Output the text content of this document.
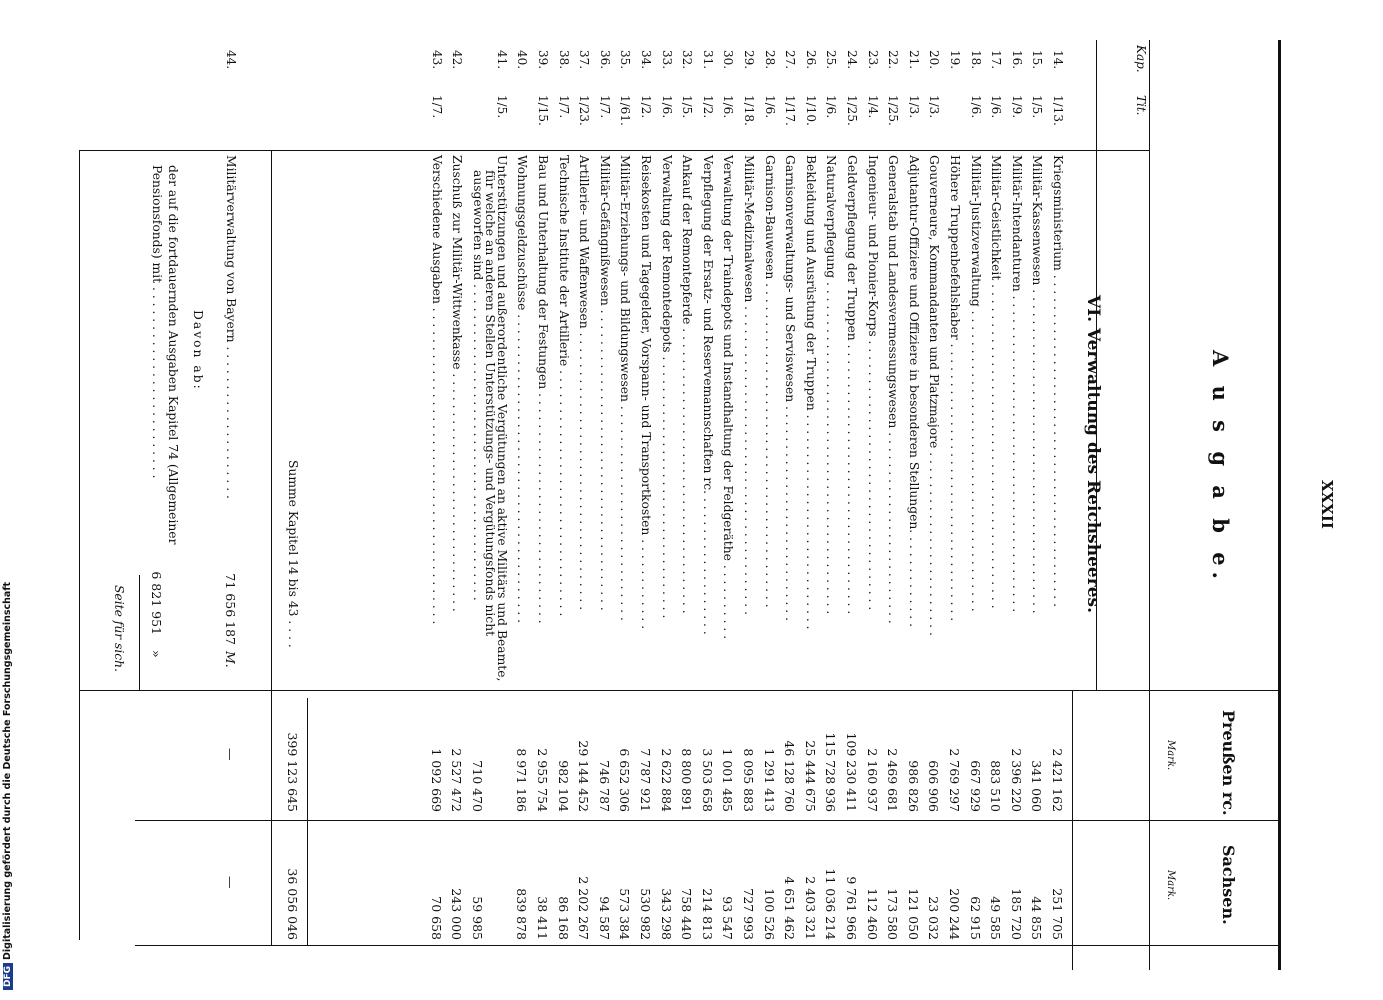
DFGDigitalisierung gefördert durch die Deutsche Forschungsgemeinschaft
Kap.
Tit.
A u s g a b e.	XXXII
Preußen rc.
Sachsen.
Mark.
Mark.
VI. Verwaltung des Reichsheeres.
14.
1/13.
Kriegsministerium . . . . . . . . . . . . . . . . . . . . . . . . . . . . . . . . . . . . . . . . . . .
2 421 162
251 705
15.
1/5.
Militär-Kassenwesen . . . . . . . . . . . . . . . . . . . . . . . . . . . . . . . . . . . . . . . . . .
341 060
44 855
16.
1/9.
Militär-Intendanturen . . . . . . . . . . . . . . . . . . . . . . . . . . . . . . . . . . . . . . . . .
2 396 220
185 720
17.
1/6.
Militär-Geistlichkeit . . . . . . . . . . . . . . . . . . . . . . . . . . . . . . . . . . . . . . . . . .
883 510
49 585
18.
1/6.
Militär-Justizverwaltung . . . . . . . . . . . . . . . . . . . . . . . . . . . . . . . . . . . . . . .
667 929
62 915
19.
Höhere Truppenbefehlshaber . . . . . . . . . . . . . . . . . . . . . . . . . . . . . . . . . . . .
2 769 297
200 244
20.
1/3.
Gouverneure, Kommandanten und Platzmajore . . . . . . . . . . . . . . . . . . . . . . . .
606 906
23 032
21.
1/3.
Adjutantur-Offiziere und Offiziere in besonderen Stellungen. . . . . . . . . . . . .
986 826
121 050
22.
1/25.
Generalstab und Landesvermessungswesen . . . . . . . . . . . . . . . . . . . . . . . . .
2 469 681
173 580
23.
1/4.
Ingenieur- und Pionier-Korps . . . . . . . . . . . . . . . . . . . . . . . . . . . . . . . . . . .
2 160 937
112 460
24.
1/25.
Geldverpflegung der Truppen . . . . . . . . . . . . . . . . . . . . . . . . . . . . . . . . . . .
109 230 411
9 761 966
25.
1/6.
Naturalverpflegung . . . . . . . . . . . . . . . . . . . . . . . . . . . . . . . . . . . . . . . . . . .
115 728 936
11 036 214
26.
1/10.
Bekleidung und Ausrüstung der Truppen . . . . . . . . . . . . . . . . . . . . . . . . . . . .
25 444 675
2 403 321
27.
1/17.
Garnisonverwaltungs- und Serviswesen . . . . . . . . . . . . . . . . . . . . . . . . . . . .
46 128 760
4 651 462
28.
1/6.
Garnison-Bauwesen . . . . . . . . . . . . . . . . . . . . . . . . . . . . . . . . . . . . . . . . . .
1 291 413
100 526
29.
1/18.
Militär-Medizinalwesen . . . . . . . . . . . . . . . . . . . . . . . . . . . . . . . . . . . . . . . .
8 095 883
727 993
30.
1/6.
Verwaltung der Traindepots und Instandhaltung der Feldgeräthe . . . . . . . . . .
1 001 485
93 547
31.
1/2.
Verpflegung der Ersatz- und Reservemannschaften rc. . . . . . . . . . . . . . . . . . .
3 503 658
214 813
32.
1/5.
Ankauf der Remontepferde . . . . . . . . . . . . . . . . . . . . . . . . . . . . . . . . . . . . .
8 800 891
758 440
33.
1/6.
Verwaltung der Remontedepots . . . . . . . . . . . . . . . . . . . . . . . . . . . . . . . . . .
2 622 884
343 298
34.
1/2.
Reisekosten und Tagegelder, Vorspann- und Transportkosten . . . . . . . . . . . .
7 787 921
530 982
35.
1/61.
Militär-Erziehungs- und Bildungswesen . . . . . . . . . . . . . . . . . . . . . . . . . . . .
6 652 306
573 384
36.
1/7.
Militär-Gefängnißwesen . . . . . . . . . . . . . . . . . . . . . . . . . . . . . . . . . . . . . . .
746 787
94 587
37.
1/23.
Artillerie- und Waffenwesen . . . . . . . . . . . . . . . . . . . . . . . . . . . . . . . . . . . .
29 144 452
2 202 267
38.
1/7.
Technische Institute der Artillerie . . . . . . . . . . . . . . . . . . . . . . . . . . . . . . . .
982 104
86 168
39.
1/15.
Bau und Unterhaltung der Festungen . . . . . . . . . . . . . . . . . . . . . . . . . . . . . .
2 955 754
38 411
40.
Wohnungsgeldzuschüsse . . . . . . . . . . . . . . . . . . . . . . . . . . . . . . . . . . . . . . . .
8 971 186
839 878
41.
1/5.
Unterstützungen und außerordentliche Vergütungen an aktive Militärs und Beamte,
für welche an anderen Stellen Unterstützungs- und Vergütungsfonds nicht
ausgeworfen sind . . . . . . . . . . . . . . . . . . . . . . . . . . . . . . . . . . . . . . . . .
710 470
59 985
42.
Zuschuß zur Militär-Wittwenkasse . . . . . . . . . . . . . . . . . . . . . . . . . . . . . . .
2 527 472
243 000
43.
1/7.
Verschiedene Ausgaben . . . . . . . . . . . . . . . . . . . . . . . . . . . . . . . . . . . . . . . . .
1 092 669
70 658
Summe Kapitel 14 bis 43 . . . .
399 123 645
36 056 046
44.
Militärverwaltung von Bayern . . . . . . . . . . . . . . . . . . . .
71 656 187
M.
Davon ab:
der auf die fortdauernden Ausgaben Kapitel 74 (Allgemeiner
Pensionsfonds) mit . . . . . . . . . . . . . . . . . . . . . . . . .
6 821 951
»
—
—
Seite für sich.
